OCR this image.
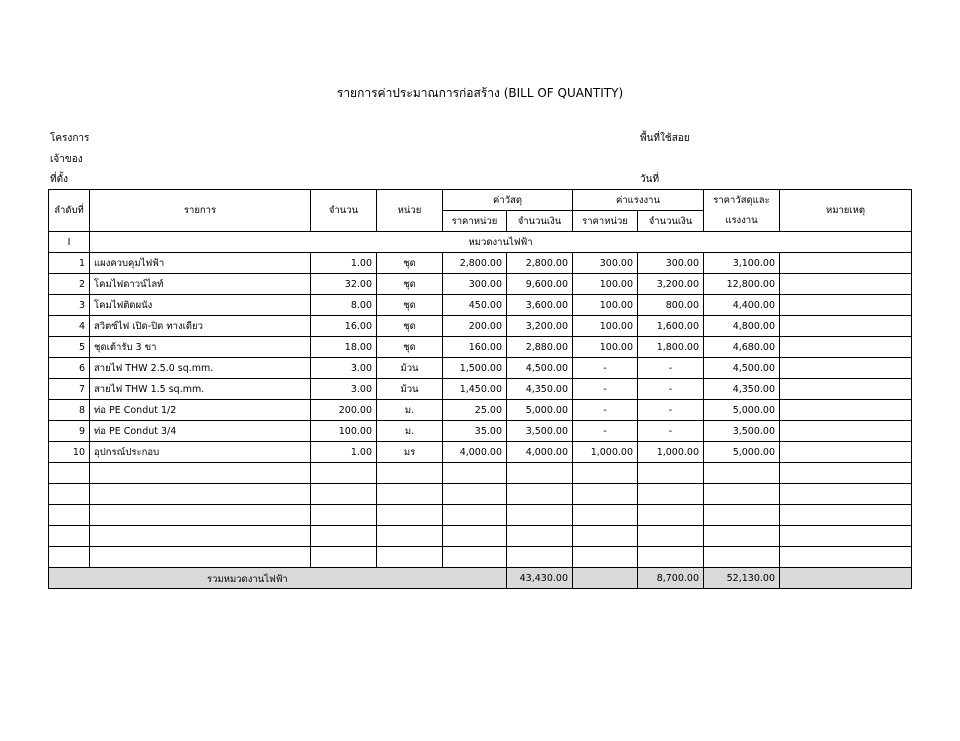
รายการค่าประมาณการก่อสร้าง (BILL OF QUANTITY)
โครงการ
เจ้าของ
ที่ตั้ง
พื้นที่ใช้สอย
วันที่
ลำดับที่	รายการ	จำนวน	หน่วย	ค่าวัสดุ		ค่าแรงงาน		ราคาวัสดุและ	หมายเหตุ
				ราคาหน่วย	จำนวนเงิน	ราคาหน่วย	จำนวนเงิน	แรงงาน	
I	หมวดงานไฟฟ้า								
1	แผงควบคุมไฟฟ้า	1.00	ชุด	2,800.00	2,800.00	300.00	300.00	3,100.00	
2	โคมไฟดาวน์ไลท์	32.00	ชุด	300.00	9,600.00	100.00	3,200.00	12,800.00	
3	โคมไฟติดผนัง	8.00	ชุด	450.00	3,600.00	100.00	800.00	4,400.00	
4	สวิตซ์ไฟ เปิด-ปิด ทางเดียว	16.00	ชุด	200.00	3,200.00	100.00	1,600.00	4,800.00	
5	ชุดเต้ารับ 3 ขา	18.00	ชุด	160.00	2,880.00	100.00	1,800.00	4,680.00	
6	สายไฟ THW 2.5.0 sq.mm.	3.00	ม้วน	1,500.00	4,500.00	-	-	4,500.00	
7	สายไฟ THW 1.5 sq.mm.	3.00	ม้วน	1,450.00	4,350.00	-	-	4,350.00	
8	ท่อ PE Condut 1/2	200.00	ม.	25.00	5,000.00	-	-	5,000.00	
9	ท่อ PE Condut 3/4	100.00	ม.	35.00	3,500.00	-	-	3,500.00	
10	อุปกรณ์ประกอบ	1.00	มร	4,000.00	4,000.00	1,000.00	1,000.00	5,000.00	

รวมหมวดงานไฟฟ้า					43,430.00		8,700.00	52,130.00	
